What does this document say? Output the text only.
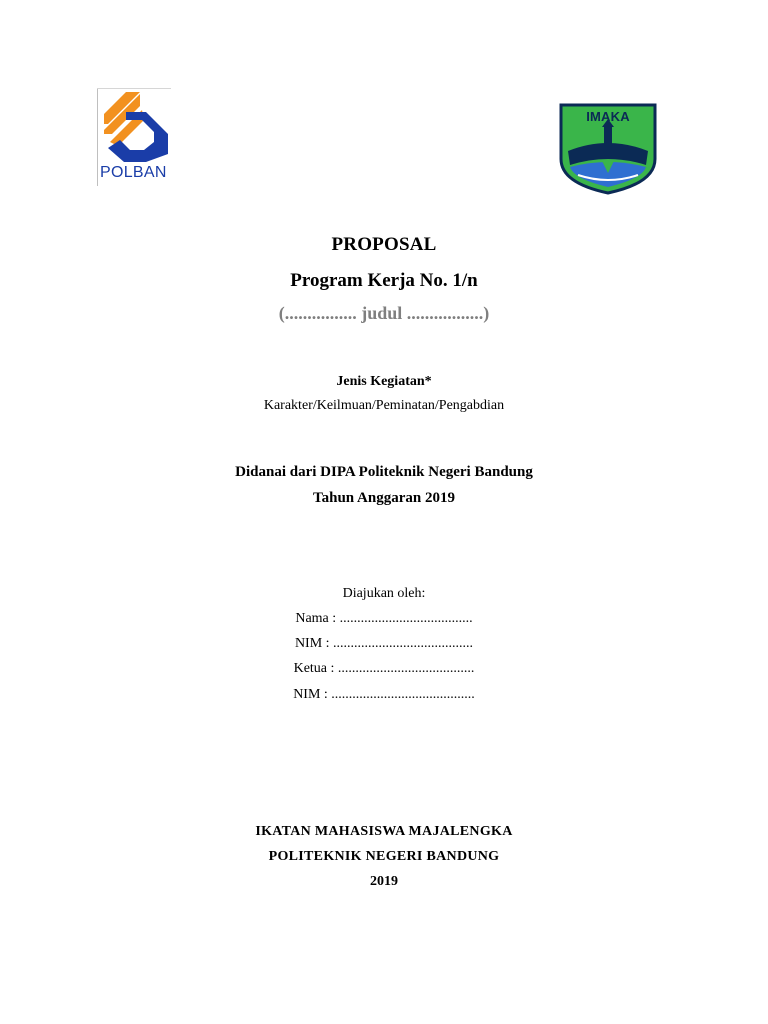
POLBAN
IMAKA
PROPOSAL
Program Kerja No. 1/n
(................ judul .................)
Jenis Kegiatan*
Karakter/Keilmuan/Peminatan/Pengabdian
Didanai dari DIPA Politeknik Negeri Bandung
Tahun Anggaran 2019
Diajukan oleh:
Nama : ......................................
NIM : ........................................
Ketua : .......................................
NIM : .........................................
IKATAN MAHASISWA MAJALENGKA
POLITEKNIK NEGERI BANDUNG
2019
